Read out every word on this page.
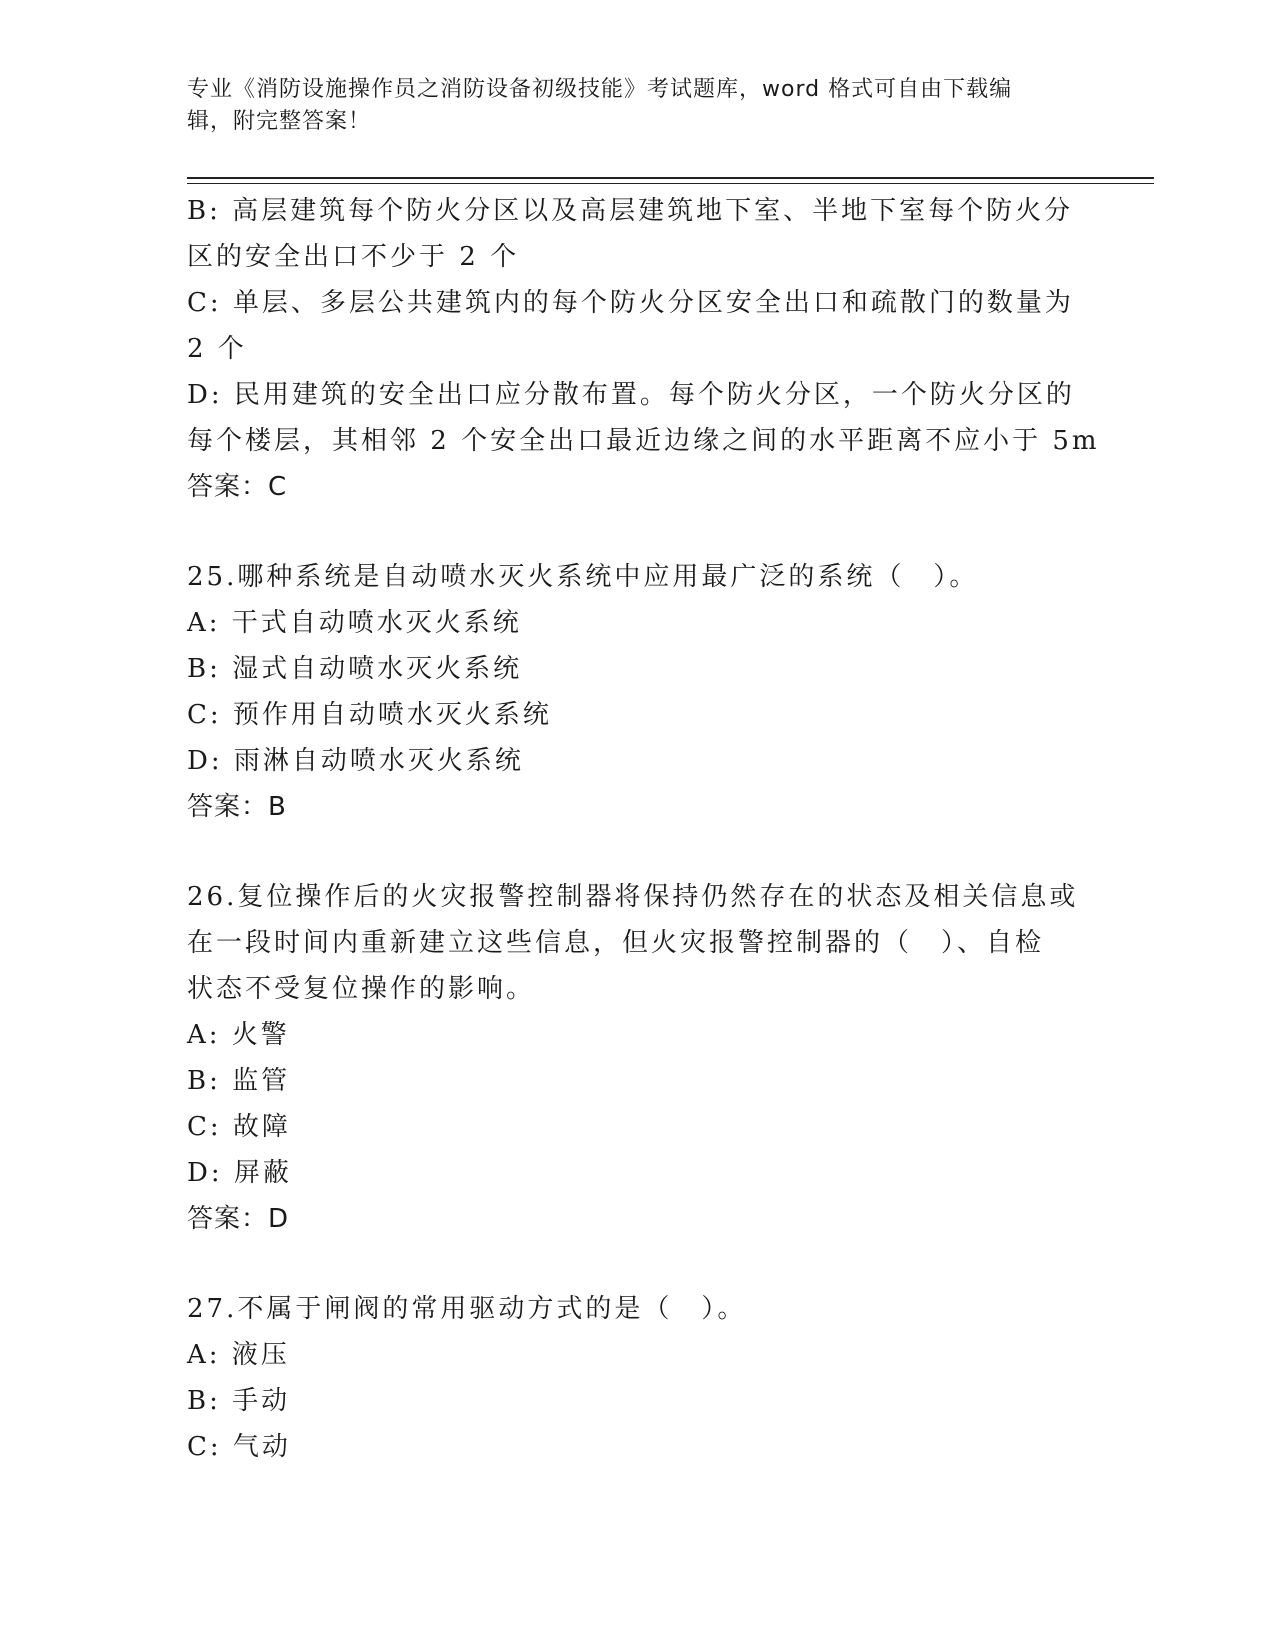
专业《消防设施操作员之消防设备初级技能》考试题库，word 格式可自由下载编
辑，附完整答案！
B: 高层建筑每个防火分区以及高层建筑地下室、半地下室每个防火分
区的安全出口不少于 2 个
C: 单层、多层公共建筑内的每个防火分区安全出口和疏散门的数量为
2 个
D: 民用建筑的安全出口应分散布置。每个防火分区，一个防火分区的
每个楼层，其相邻 2 个安全出口最近边缘之间的水平距离不应小于 5m
答案：C
25.哪种系统是自动喷水灭火系统中应用最广泛的系统（　）。
A: 干式自动喷水灭火系统
B: 湿式自动喷水灭火系统
C: 预作用自动喷水灭火系统
D: 雨淋自动喷水灭火系统
答案：B
26.复位操作后的火灾报警控制器将保持仍然存在的状态及相关信息或
在一段时间内重新建立这些信息，但火灾报警控制器的（　）、自检
状态不受复位操作的影响。
A: 火警
B: 监管
C: 故障
D: 屏蔽
答案：D
27.不属于闸阀的常用驱动方式的是（　）。
A: 液压
B: 手动
C: 气动
